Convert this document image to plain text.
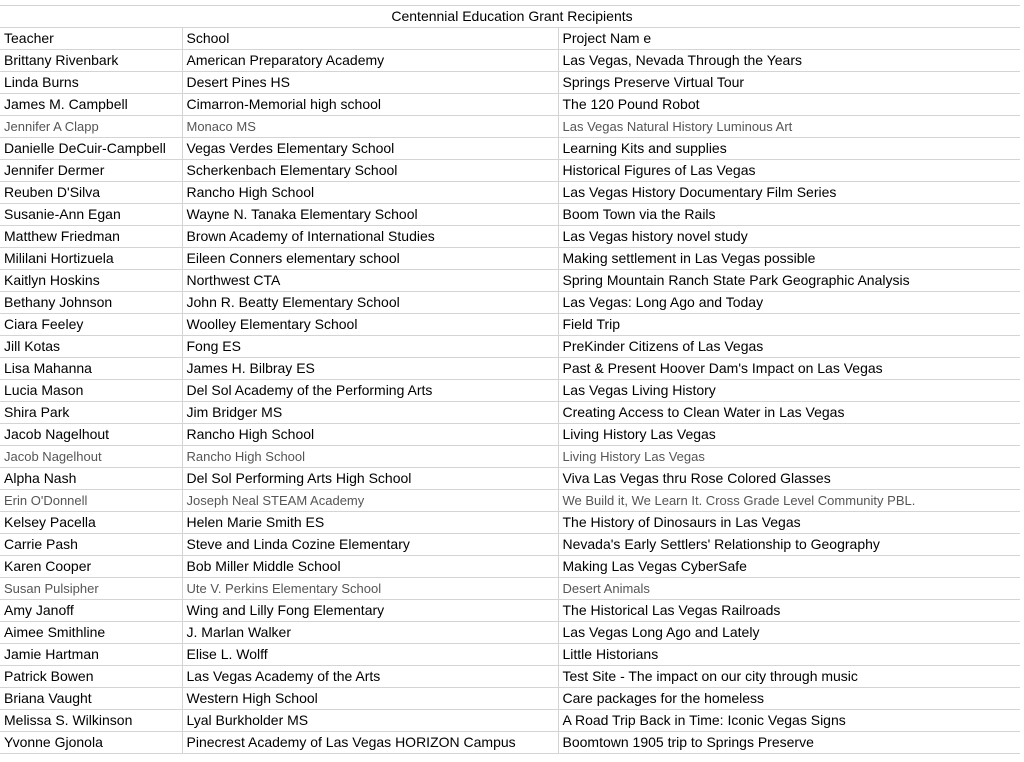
Centennial Education Grant Recipients		
Teacher	School	Project Nam e
Brittany Rivenbark	American Preparatory Academy	Las Vegas, Nevada Through the Years
Linda Burns	Desert Pines HS	Springs Preserve Virtual Tour
James M. Campbell	Cimarron-Memorial high school	The 120 Pound Robot
Jennifer A Clapp	Monaco MS	Las Vegas Natural History Luminous Art
Danielle DeCuir-Campbell	Vegas Verdes Elementary School	Learning Kits and supplies
Jennifer Dermer	Scherkenbach Elementary School	Historical Figures of Las Vegas
Reuben D'Silva	Rancho High School	Las Vegas History Documentary Film Series
Susanie-Ann Egan	Wayne N. Tanaka Elementary School	Boom Town via the Rails
Matthew Friedman	Brown Academy of International Studies	Las Vegas history novel study
Mililani Hortizuela	Eileen Conners elementary school	Making settlement in Las Vegas possible
Kaitlyn Hoskins	Northwest CTA	Spring Mountain Ranch State Park Geographic Analysis
Bethany Johnson	John R. Beatty Elementary School	Las Vegas: Long Ago and Today
Ciara Feeley	Woolley Elementary School	Field Trip
Jill Kotas	Fong ES	PreKinder Citizens of Las Vegas
Lisa Mahanna	James H. Bilbray ES	Past & Present Hoover Dam's Impact on Las Vegas
Lucia Mason	Del Sol Academy of the Performing Arts	Las Vegas Living History
Shira Park	Jim Bridger MS	Creating Access to Clean Water in Las Vegas
Jacob Nagelhout	Rancho High School	Living History Las Vegas
Jacob Nagelhout	Rancho High School	Living History Las Vegas
Alpha Nash	Del Sol Performing Arts High School	Viva Las Vegas thru Rose Colored Glasses
Erin O'Donnell	Joseph Neal STEAM Academy	We Build it, We Learn It. Cross Grade Level Community PBL.
Kelsey Pacella	Helen Marie Smith ES	The History of Dinosaurs in Las Vegas
Carrie Pash	Steve and Linda Cozine Elementary	Nevada's Early Settlers' Relationship to Geography
Karen Cooper	Bob Miller Middle School	Making Las Vegas CyberSafe
Susan Pulsipher	Ute V. Perkins Elementary School	Desert Animals
Amy Janoff	Wing and Lilly Fong Elementary	The Historical Las Vegas Railroads
Aimee Smithline	J. Marlan Walker	Las Vegas Long Ago and Lately
Jamie Hartman	Elise L. Wolff	Little Historians
Patrick Bowen	Las Vegas Academy of the Arts	Test Site - The impact on our city through music
Briana Vaught	Western High School	Care packages for the homeless
Melissa S. Wilkinson	Lyal Burkholder MS	A Road Trip Back in Time: Iconic Vegas Signs
Yvonne Gjonola	Pinecrest Academy of Las Vegas HORIZON Campus	Boomtown 1905 trip to Springs Preserve
